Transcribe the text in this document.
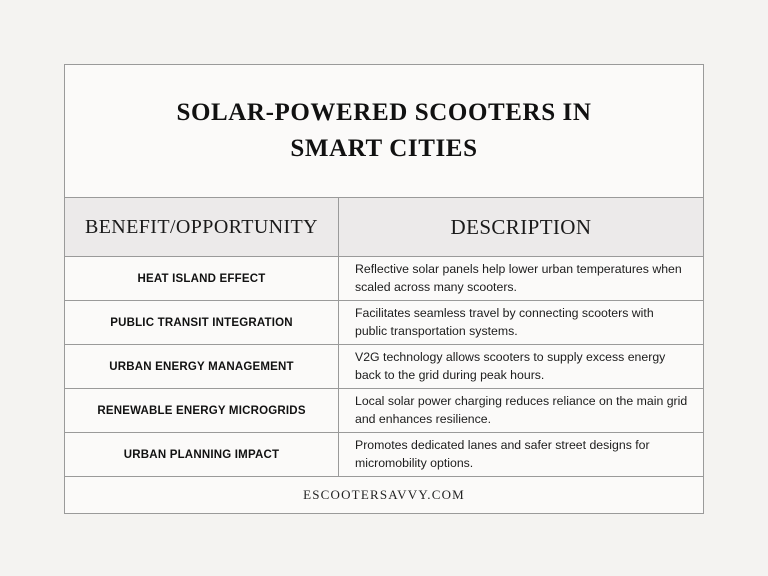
SOLAR-POWERED SCOOTERS IN
SMART CITIES
BENEFIT/OPPORTUNITY	DESCRIPTION
HEAT ISLAND EFFECT
Reflective solar panels help lower urban temperatures when scaled across many scooters.
PUBLIC TRANSIT INTEGRATION
Facilitates seamless travel by connecting scooters with public transportation systems.
URBAN ENERGY MANAGEMENT
V2G technology allows scooters to supply excess energy back to the grid during peak hours.
RENEWABLE ENERGY MICROGRIDS
Local solar power charging reduces reliance on the main grid and enhances resilience.
URBAN PLANNING IMPACT
Promotes dedicated lanes and safer street designs for micromobility options.
ESCOOTERSAVVY.COM
